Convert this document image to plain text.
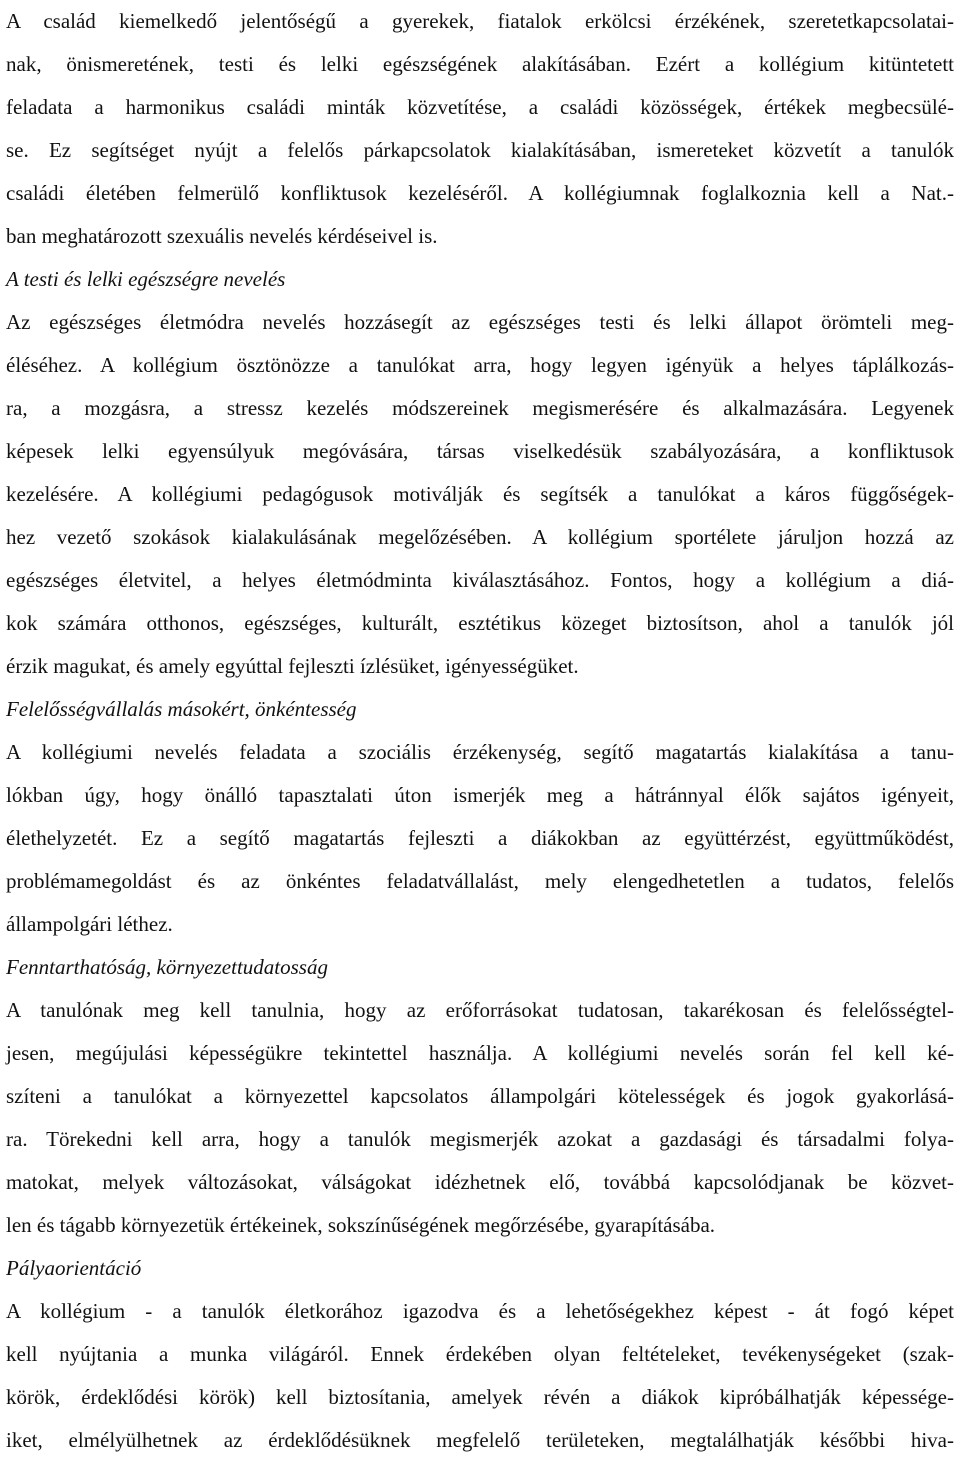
A család kiemelkedő jelentőségű a gyerekek, fiatalok erkölcsi érzékének, szeretetkapcsolatai-
nak, önismeretének, testi és lelki egészségének alakításában. Ezért a kollégium kitüntetett
feladata a harmonikus családi minták közvetítése, a családi közösségek, értékek megbecsülé-
se. Ez segítséget nyújt a felelős párkapcsolatok kialakításában, ismereteket közvetít a tanulók
családi életében felmerülő konfliktusok kezeléséről. A kollégiumnak foglalkoznia kell a Nat.-
ban meghatározott szexuális nevelés kérdéseivel is.
A testi és lelki egészségre nevelés
Az egészséges életmódra nevelés hozzásegít az egészséges testi és lelki állapot örömteli meg-
éléséhez. A kollégium ösztönözze a tanulókat arra, hogy legyen igényük a helyes táplálkozás-
ra, a mozgásra, a stressz kezelés módszereinek megismerésére és alkalmazására. Legyenek
képesek lelki egyensúlyuk megóvására, társas viselkedésük szabályozására, a konfliktusok
kezelésére. A kollégiumi pedagógusok motiválják és segítsék a tanulókat a káros függőségek-
hez vezető szokások kialakulásának megelőzésében. A kollégium sportélete járuljon hozzá az
egészséges életvitel, a helyes életmódminta kiválasztásához. Fontos, hogy a kollégium a diá-
kok számára otthonos, egészséges, kulturált, esztétikus közeget biztosítson, ahol a tanulók jól
érzik magukat, és amely egyúttal fejleszti ízlésüket, igényességüket.
Felelősségvállalás másokért, önkéntesség
A kollégiumi nevelés feladata a szociális érzékenység, segítő magatartás kialakítása a tanu-
lókban úgy, hogy önálló tapasztalati úton ismerjék meg a hátránnyal élők sajátos igényeit,
élethelyzetét. Ez a segítő magatartás fejleszti a diákokban az együttérzést, együttműködést,
problémamegoldást és az önkéntes feladatvállalást, mely elengedhetetlen a tudatos, felelős
állampolgári léthez.
Fenntarthatóság, környezettudatosság
A tanulónak meg kell tanulnia, hogy az erőforrásokat tudatosan, takarékosan és felelősségtel-
jesen, megújulási képességükre tekintettel használja. A kollégiumi nevelés során fel kell ké-
szíteni a tanulókat a környezettel kapcsolatos állampolgári kötelességek és jogok gyakorlásá-
ra. Törekedni kell arra, hogy a tanulók megismerjék azokat a gazdasági és társadalmi folya-
matokat, melyek változásokat, válságokat idézhetnek elő, továbbá kapcsolódjanak be közvet-
len és tágabb környezetük értékeinek, sokszínűségének megőrzésébe, gyarapításába.
Pályaorientáció
A kollégium - a tanulók életkorához igazodva és a lehetőségekhez képest - át fogó képet
kell nyújtania a munka világáról. Ennek érdekében olyan feltételeket, tevékenységeket (szak-
körök, érdeklődési körök) kell biztosítania, amelyek révén a diákok kipróbálhatják képessége-
iket, elmélyülhetnek az érdeklődésüknek megfelelő területeken, megtalálhatják későbbi hiva-
